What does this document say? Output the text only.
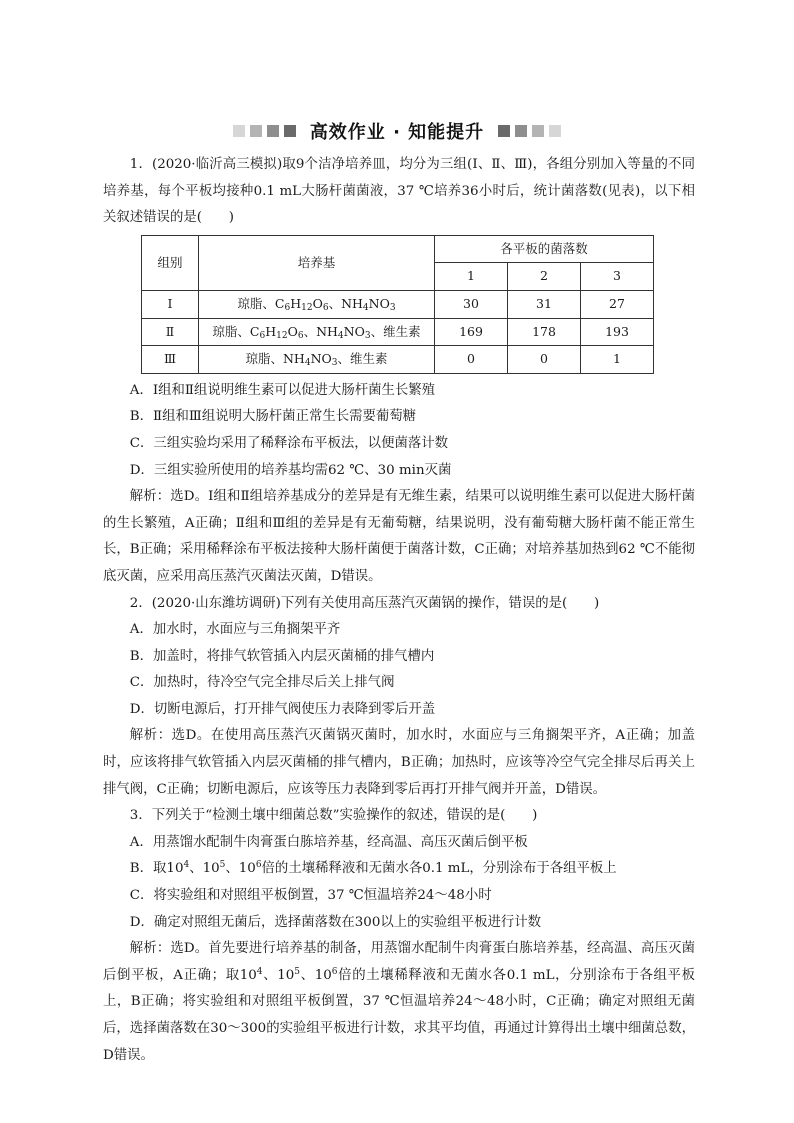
高效作业 · 知能提升

1．(2020·临沂高三模拟)取9个洁净培养皿，均分为三组(Ⅰ、Ⅱ、Ⅲ)，各组分别加入等量的不同培养基，每个平板均接种0.1 mL大肠杆菌菌液，37 ℃培养36小时后，统计菌落数(见表)，以下相关叙述错误的是(　　)

组别	培养基	各平板的菌落数		
		1	2	3
Ⅰ	琼脂、$C_6H_{12}O_6$、$NH_4NO_3$	30	31	27
Ⅱ	琼脂、$C_6H_{12}O_6$、$NH_4NO_3$、维生素	169	178	193
Ⅲ	琼脂、$NH_4NO_3$、维生素	0	0	1

A．Ⅰ组和Ⅱ组说明维生素可以促进大肠杆菌生长繁殖

B．Ⅱ组和Ⅲ组说明大肠杆菌正常生长需要葡萄糖

C．三组实验均采用了稀释涂布平板法，以便菌落计数

D．三组实验所使用的培养基均需62 ℃、30 min灭菌

解析：选D。Ⅰ组和Ⅱ组培养基成分的差异是有无维生素，结果可以说明维生素可以促进大肠杆菌的生长繁殖，A正确；Ⅱ组和Ⅲ组的差异是有无葡萄糖，结果说明，没有葡萄糖大肠杆菌不能正常生长，B正确；采用稀释涂布平板法接种大肠杆菌便于菌落计数，C正确；对培养基加热到62 ℃不能彻底灭菌，应采用高压蒸汽灭菌法灭菌，D错误。

2．(2020·山东潍坊调研)下列有关使用高压蒸汽灭菌锅的操作，错误的是(　　)

A．加水时，水面应与三角搁架平齐

B．加盖时，将排气软管插入内层灭菌桶的排气槽内

C．加热时，待冷空气完全排尽后关上排气阀

D．切断电源后，打开排气阀使压力表降到零后开盖

解析：选D。在使用高压蒸汽灭菌锅灭菌时，加水时，水面应与三角搁架平齐，A正确；加盖时，应该将排气软管插入内层灭菌桶的排气槽内，B正确；加热时，应该等冷空气完全排尽后再关上排气阀，C正确；切断电源后，应该等压力表降到零后再打开排气阀并开盖，D错误。

3．下列关于“检测土壤中细菌总数”实验操作的叙述，错误的是(　　)

A．用蒸馏水配制牛肉膏蛋白胨培养基，经高温、高压灭菌后倒平板

B．取$10^4$、$10^5$、$10^6$倍的土壤稀释液和无菌水各0.1 mL，分别涂布于各组平板上

C．将实验组和对照组平板倒置，37 ℃恒温培养24～48小时

D．确定对照组无菌后，选择菌落数在300以上的实验组平板进行计数

解析：选D。首先要进行培养基的制备，用蒸馏水配制牛肉膏蛋白胨培养基，经高温、高压灭菌后倒平板，A正确；取$10^4$、$10^5$、$10^6$倍的土壤稀释液和无菌水各0.1 mL，分别涂布于各组平板上，B正确；将实验组和对照组平板倒置，37 ℃恒温培养24～48小时，C正确；确定对照组无菌后，选择菌落数在30～300的实验组平板进行计数，求其平均值，再通过计算得出土壤中细菌总数，D错误。
